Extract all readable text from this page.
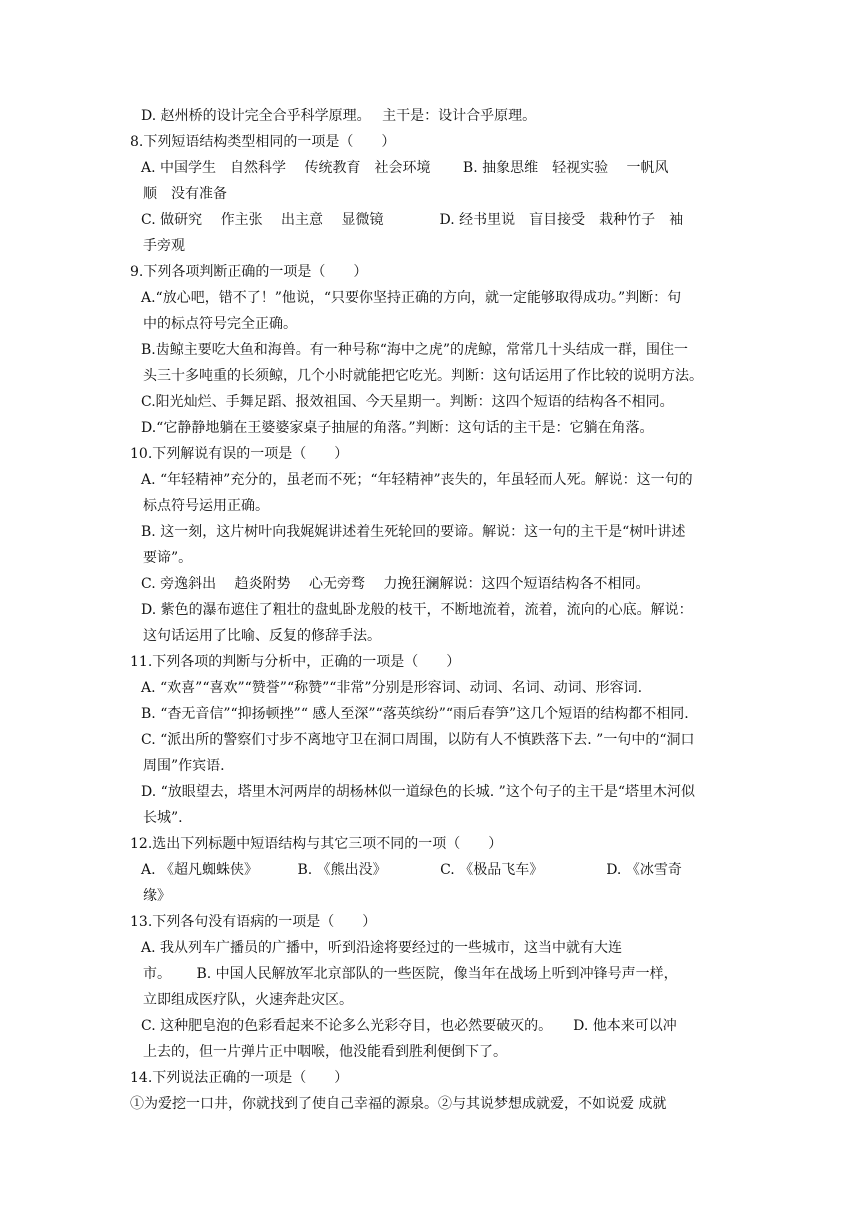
D. 赵州桥的设计完全合乎科学原理。　 主干是：设计合乎原理。
8.下列短语结构类型相同的一项是（　　）
A. 中国学生　自然科学　 传统教育　社会环境　　 B. 抽象思维　轻视实验　 一帆风
顺　没有准备
C. 做研究　 作主张　 出主意　 显微镜　　　　D. 经书里说　盲目接受　栽种竹子　袖
手旁观
9.下列各项判断正确的一项是（　　）
A.“放心吧，错不了！”他说，“只要你坚持正确的方向，就一定能够取得成功。”判断：句
中的标点符号完全正确。
B.齿鲸主要吃大鱼和海兽。有一种号称“海中之虎”的虎鲸，常常几十头结成一群，围住一
头三十多吨重的长须鲸，几个小时就能把它吃光。判断：这句话运用了作比较的说明方法。
C.阳光灿烂、手舞足蹈、报效祖国、今天星期一。判断：这四个短语的结构各不相同。
D.“它静静地躺在王婆婆家桌子抽屉的角落。”判断：这句话的主干是：它躺在角落。
10.下列解说有误的一项是（　　）
A. “年轻精神”充分的，虽老而不死；“年轻精神”丧失的，年虽轻而人死。解说：这一句的
标点符号运用正确。
B. 这一刻，这片树叶向我娓娓讲述着生死轮回的要谛。解说：这一句的主干是“树叶讲述
要谛”。
C. 旁逸斜出　 趋炎附势　 心无旁骛　 力挽狂澜解说：这四个短语结构各不相同。
D. 紫色的瀑布遮住了粗壮的盘虬卧龙般的枝干，不断地流着，流着，流向的心底。解说：
这句话运用了比喻、反复的修辞手法。
11.下列各项的判断与分析中，正确的一项是（　　）
A. “欢喜”“喜欢”“赞誉”“称赞”“非常”分别是形容词、动词、名词、动词、形容词.
B. “杳无音信”“抑扬顿挫”“ 感人至深”“落英缤纷”“雨后春笋”这几个短语的结构都不相同.
C. “派出所的警察们寸步不离地守卫在洞口周围，以防有人不慎跌落下去. ”一句中的“洞口
周围”作宾语.
D. “放眼望去，塔里木河两岸的胡杨林似一道绿色的长城. ”这个句子的主干是“塔里木河似
长城”.
12.选出下列标题中短语结构与其它三项不同的一项（　　）
A. 《超凡蜘蛛侠》　　　 B. 《熊出没》　　　　 C. 《极品飞车》　　　　　D. 《冰雪奇
缘》
13.下列各句没有语病的一项是（　　）
A. 我从列车广播员的广播中，听到沿途将要经过的一些城市，这当中就有大连
市。　　 B. 中国人民解放军北京部队的一些医院，像当年在战场上听到冲锋号声一样，
立即组成医疗队，火速奔赴灾区。
C. 这种肥皂泡的色彩看起来不论多么光彩夺目，也必然要破灭的。　　D. 他本来可以冲
上去的，但一片弹片正中咽喉，他没能看到胜利便倒下了。
14.下列说法正确的一项是（　　）
①为爱挖一口井，你就找到了使自己幸福的源泉。②与其说梦想成就爱，不如说爱 成就
